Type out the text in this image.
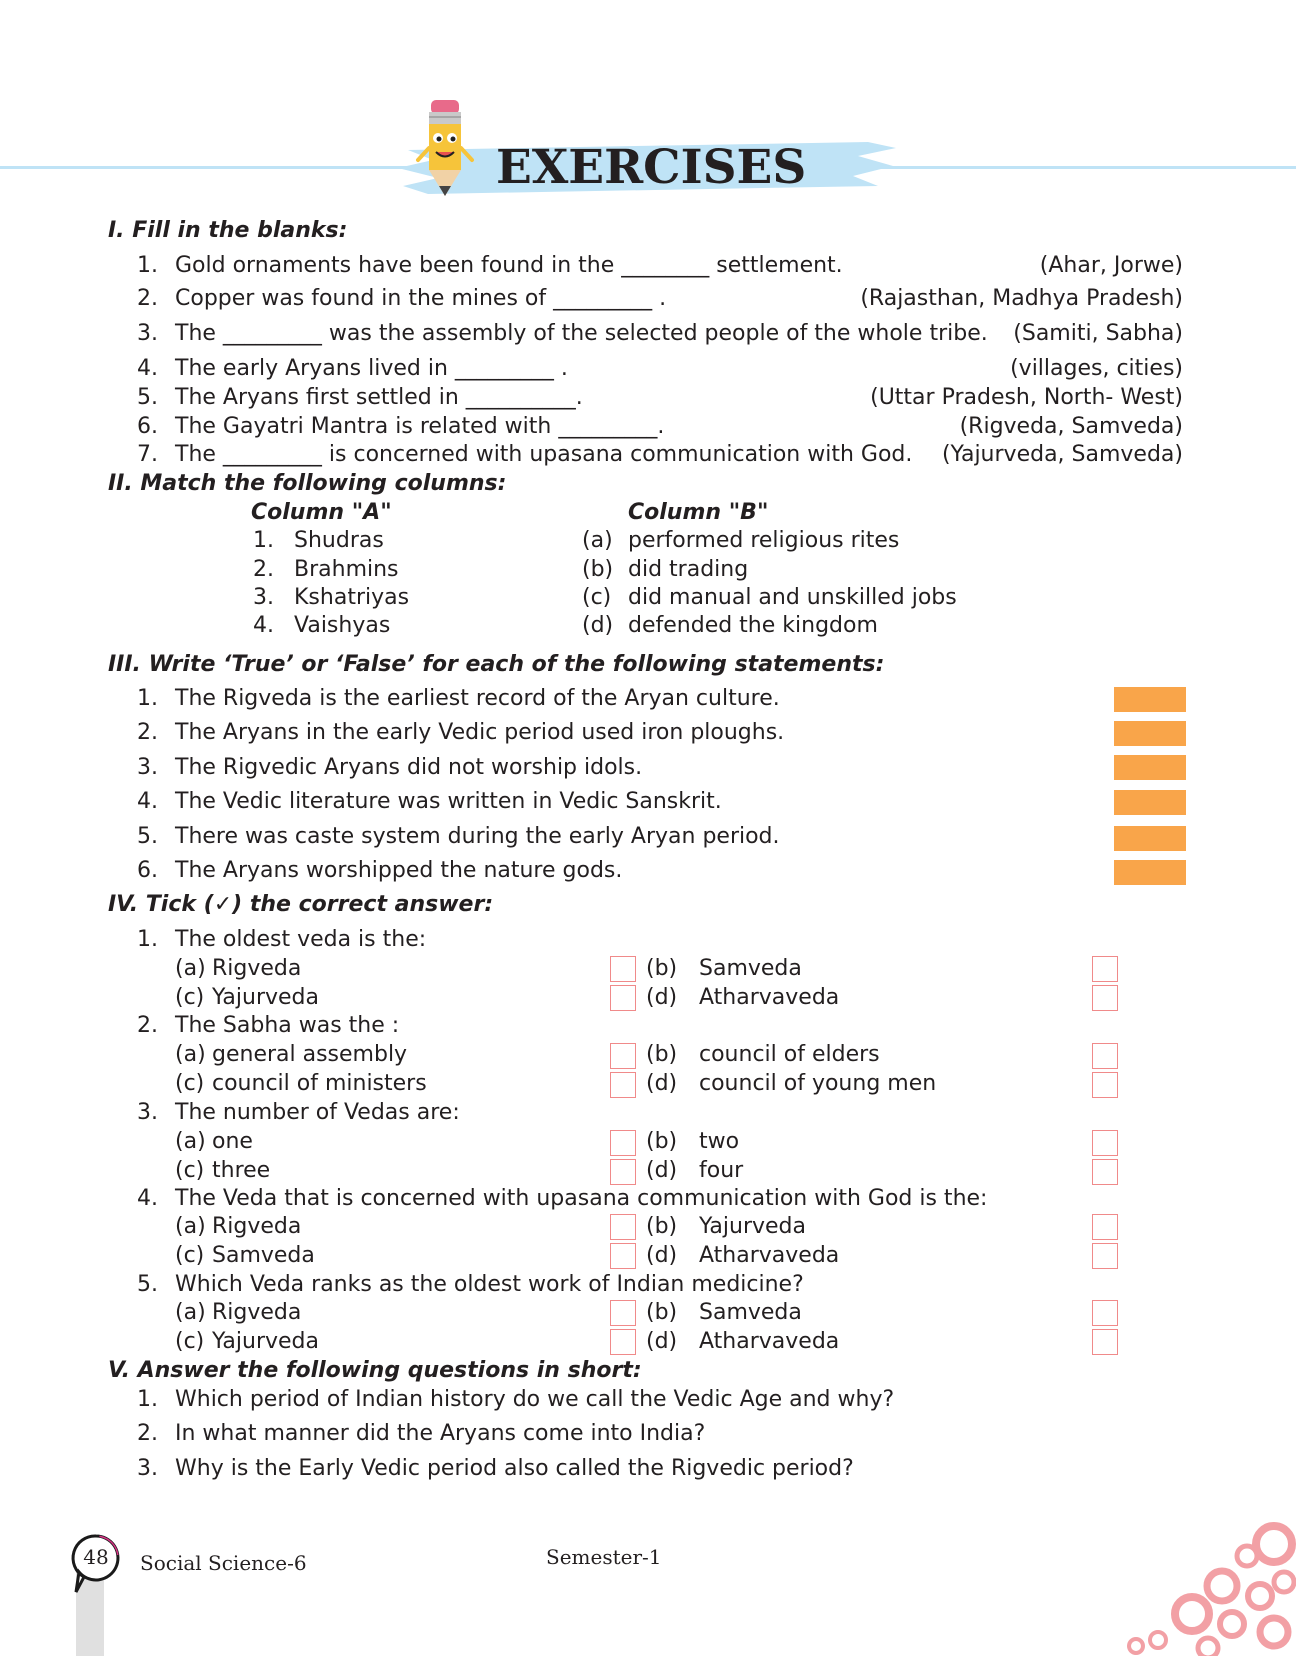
EXERCISES
I. Fill in the blanks:
1. Gold ornaments have been found in the ________ settlement.	(Ahar, Jorwe)
2. Copper was found in the mines of _________ .	(Rajasthan, Madhya Pradesh)
3. The _________ was the assembly of the selected people of the whole tribe. (Samiti, Sabha)
4. The early Aryans lived in _________ .	(villages, cities)
5. The Aryans first settled in __________.	(Uttar Pradesh, North- West)
6. The Gayatri Mantra is related with _________.	(Rigveda, Samveda)
7. The _________ is concerned with upasana communication with God. (Yajurveda, Samveda)
II. Match the following columns:
Column "A"	Column "B"
1. Shudras	(a) performed religious rites
2. Brahmins	(b) did trading
3. Kshatriyas	(c) did manual and unskilled jobs
4. Vaishyas	(d) defended the kingdom
III. Write ‘True’ or ‘False’ for each of the following statements:
1. The Rigveda is the earliest record of the Aryan culture.
2. The Aryans in the early Vedic period used iron ploughs.
3. The Rigvedic Aryans did not worship idols.
4. The Vedic literature was written in Vedic Sanskrit.
5. There was caste system during the early Aryan period.
6. The Aryans worshipped the nature gods.
IV. Tick (✓) the correct answer:
1. The oldest veda is the:
(a) Rigveda	(b) Samveda
(c) Yajurveda	(d) Atharvaveda
2. The Sabha was the :
(a) general assembly	(b) council of elders
(c) council of ministers	(d) council of young men
3. The number of Vedas are:
(a) one	(b) two
(c) three	(d) four
4. The Veda that is concerned with upasana communication with God is the:
(a) Rigveda	(b) Yajurveda
(c) Samveda	(d) Atharvaveda
5. Which Veda ranks as the oldest work of Indian medicine?
(a) Rigveda	(b) Samveda
(c) Yajurveda	(d) Atharvaveda
V. Answer the following questions in short:
1. Which period of Indian history do we call the Vedic Age and why?
2. In what manner did the Aryans come into India?
3. Why is the Early Vedic period also called the Rigvedic period?
48 Social Science-6	Semester-1
